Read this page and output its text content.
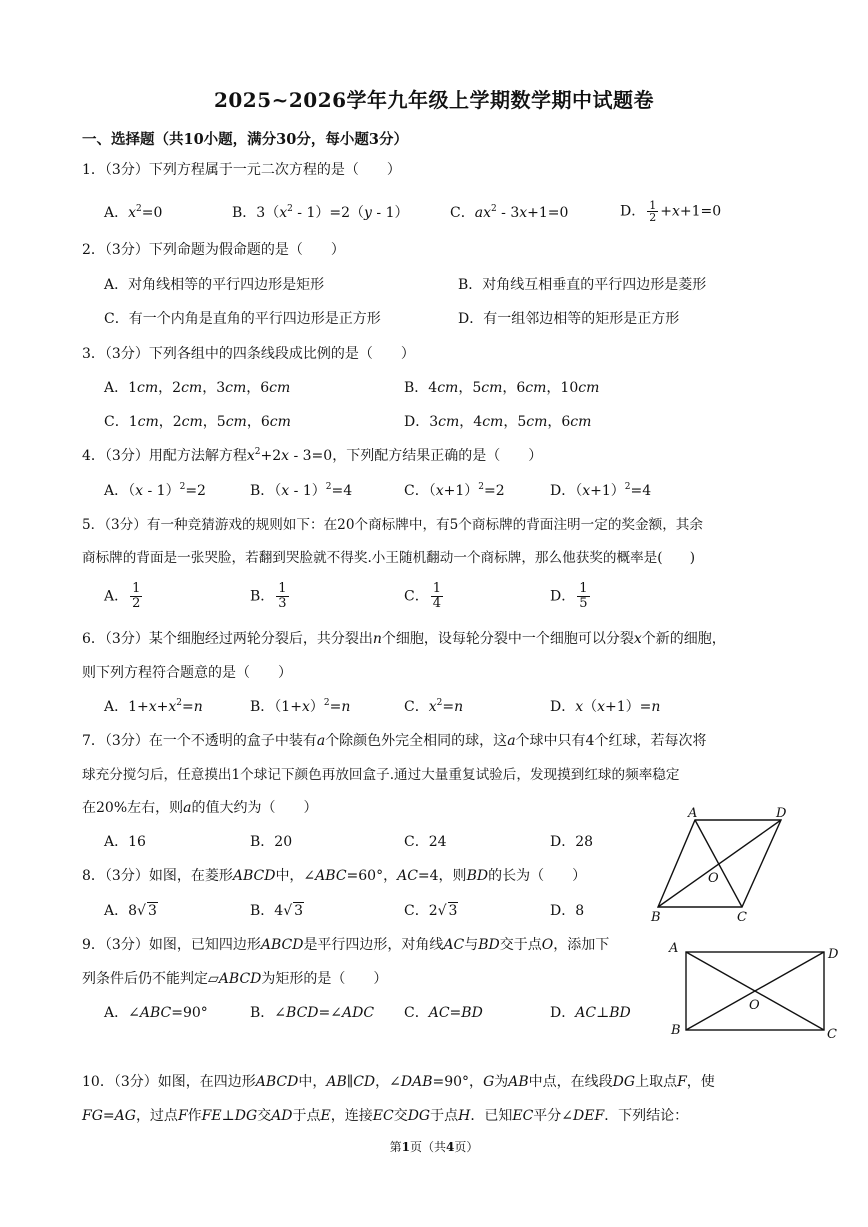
2025~2026学年九年级上学期数学期中试题卷
一、选择题（共10小题，满分30分，每小题3分）
1．（3分）下列方程属于一元二次方程的是（　　）
A．$x^2=0$	B．$3(x^2 - 1)=2(y - 1)$	C．$ax^2 - 3x+1=0$	D． $\frac{1}{2} +x+1=0$
2．（3分）下列命题为假命题的是（　　）
A．对角线相等的平行四边形是矩形	B．对角线互相垂直的平行四边形是菱形
C．有一个内角是直角的平行四边形是正方形	D．有一组邻边相等的矩形是正方形
3．（3分）下列各组中的四条线段成比例的是（　　）
A．1cm，2cm，3cm，6cm	B．4cm，5cm，6cm，10cm
C．1cm，2cm，5cm，6cm	D．3cm，4cm，5cm，6cm
4．（3分）用配方法解方程$x^2+2x - 3=0$，下列配方结果正确的是（　　）
A．（x - 1）$^2$=2	B．（x - 1）$^2$=4	C．$(x+1)^2=2$	D．$(x+1)^2=4$
5．（3分）有一种竞猜游戏的规则如下：在20个商标牌中，有5个商标牌的背面注明一定的奖金额，其余
商标牌的背面是一张哭脸，若翻到哭脸就不得奖.小王随机翻动一个商标牌，那么他获奖的概率是(　　)
A． $\frac{1}{2}$	B． $\frac{1}{3}$	C． $\frac{1}{4}$	D． $\frac{1}{5}$
6．（3分）某个细胞经过两轮分裂后，共分裂出n个细胞，设每轮分裂中一个细胞可以分裂x个新的细胞，
则下列方程符合题意的是（　　）
A．$1+x+x^2=n$	B．$(1+x)^2=n$	C．$x^2=n$	D．x（x+1）=n
7．（3分）在一个不透明的盒子中装有a个除颜色外完全相同的球，这a个球中只有4个红球，若每次将
球充分搅匀后，任意摸出1个球记下颜色再放回盒子.通过大量重复试验后，发现摸到红球的频率稳定
在20%左右，则a的值大约为（　　）
A．16	B．20	C．24	D．28
8．（3分）如图，在菱形ABCD中，∠ABC=60°，AC=4，则BD的长为（　　）
A．8√ 3	B．4√ 3	C．2√ 3	D．8
A	D
B	C
O
9．（3分）如图，已知四边形ABCD是平行四边形，对角线AC与BD交于点O，添加下
列条件后仍不能判定▱ABCD为矩形的是（　　）
A．∠ABC=90°	B．∠BCD=∠ADC C．AC=BD	D．AC⊥BD
A	D
B	C
O
10．（3分）如图，在四边形ABCD中，AB∥CD，∠DAB=90°，G为AB中点，在线段DG上取点F，使
FG=AG，过点F作FE⊥DG交AD于点E，连接EC交DG于点H．已知EC平分∠DEF．下列结论：
第1页（共4页）
